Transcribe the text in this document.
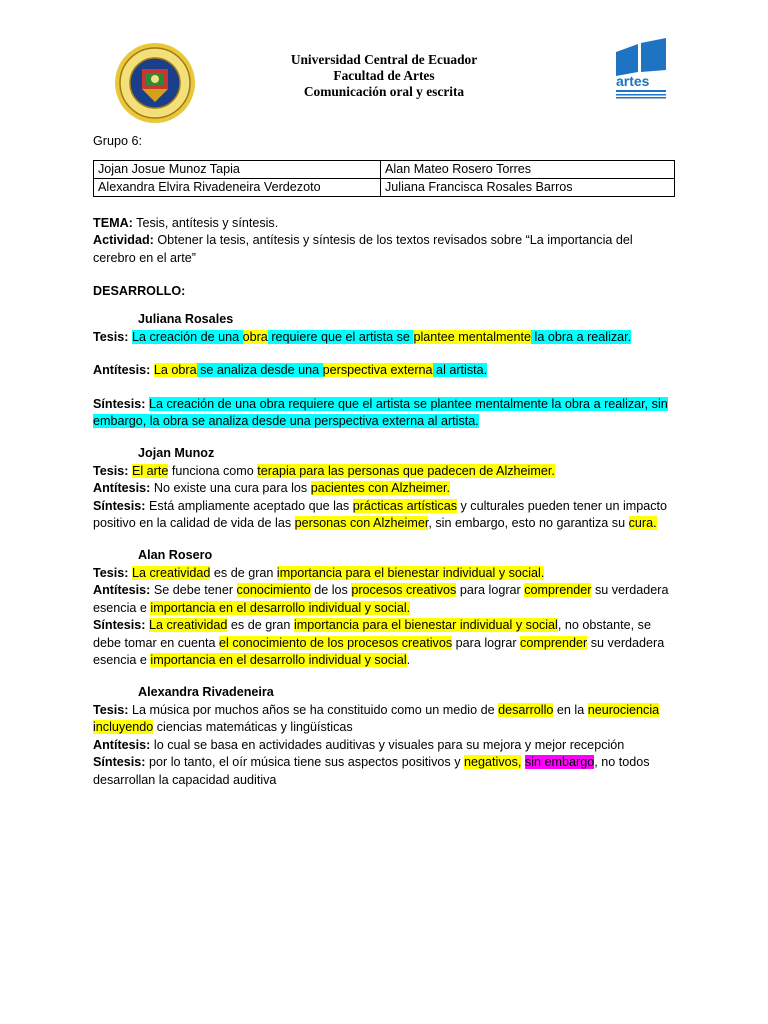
Universidad Central de Ecuador
Facultad de Artes
Comunicación oral y escrita
artes

Grupo 6:

Jojan Josue Munoz Tapia	Alan Mateo Rosero Torres
Alexandra Elvira Rivadeneira Verdezoto	Juliana Francisca Rosales Barros

TEMA: Tesis, antítesis y síntesis.

Actividad: Obtener la tesis, antítesis y síntesis de los textos revisados sobre “La importancia del cerebro en el arte”

DESARROLLO:

Juliana Rosales

Tesis: La creación de una obra requiere que el artista se plantee mentalmente la obra a realizar.

Antítesis: La obra se analiza desde una perspectiva externa al artista.

Síntesis: La creación de una obra requiere que el artista se plantee mentalmente la obra a realizar, sin embargo, la obra se analiza desde una perspectiva externa al artista.

Jojan Munoz

Tesis: El arte funciona como terapia para las personas que padecen de Alzheimer.

Antítesis: No existe una cura para los pacientes con Alzheimer.

Síntesis: Está ampliamente aceptado que las prácticas artísticas y culturales pueden tener un impacto positivo en la calidad de vida de las personas con Alzheimer, sin embargo, esto no garantiza su cura.

Alan Rosero

Tesis: La creatividad es de gran importancia para el bienestar individual y social.

Antítesis: Se debe tener conocimiento de los procesos creativos para lograr comprender su verdadera esencia e importancia en el desarrollo individual y social.

Síntesis: La creatividad es de gran importancia para el bienestar individual y social, no obstante, se debe tomar en cuenta el conocimiento de los procesos creativos para lograr comprender su verdadera esencia e importancia en el desarrollo individual y social.

Alexandra Rivadeneira

Tesis: La música por muchos años se ha constituido como un medio de desarrollo en la neurociencia incluyendo ciencias matemáticas y lingüísticas

Antítesis: lo cual se basa en actividades auditivas y visuales para su mejora y mejor recepción

Síntesis: por lo tanto, el oír música tiene sus aspectos positivos y negativos, sin embargo, no todos desarrollan la capacidad auditiva
